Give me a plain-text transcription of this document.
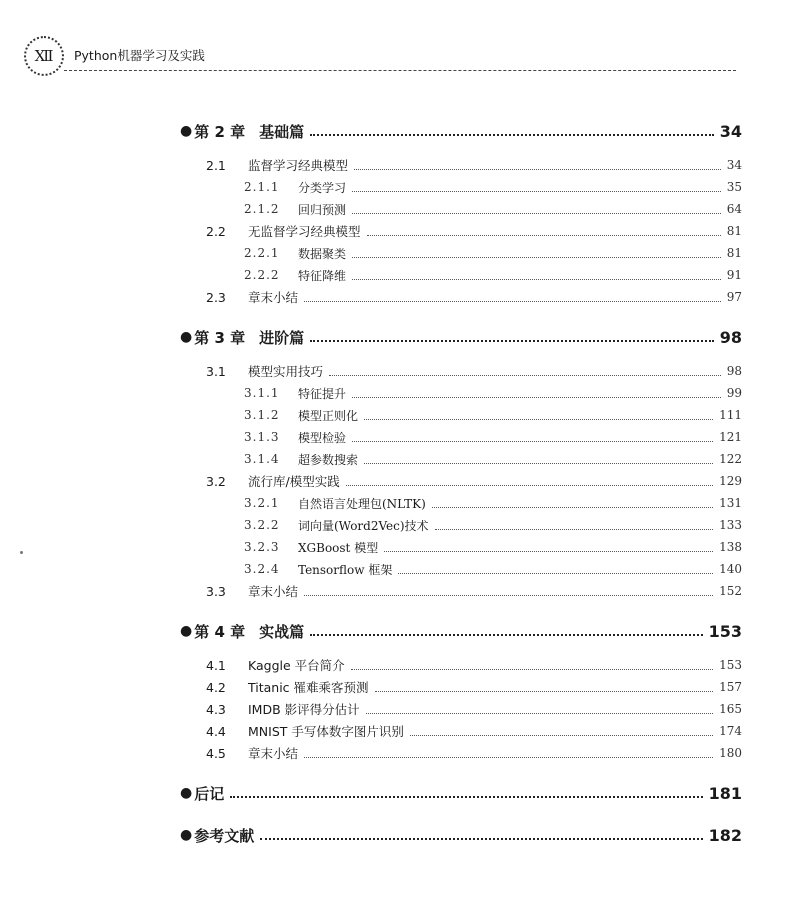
Ⅻ Python机器学习及实践
● 第 2 章 基础篇	34
2.1	监督学习经典模型	34
2.1.1	分类学习	35
2.1.2	回归预测	64
2.2	无监督学习经典模型	81
2.2.1	数据聚类	81
2.2.2	特征降维	91
2.3	章末小结	97
● 第 3 章 进阶篇	98
3.1	模型实用技巧	98
3.1.1	特征提升	99
3.1.2	模型正则化	111
3.1.3	模型检验	121
3.1.4	超参数搜索	122
3.2	流行库/模型实践	129
3.2.1	自然语言处理包(NLTK)	131
3.2.2	词向量(Word2Vec)技术	133
3.2.3	XGBoost 模型	138
3.2.4	Tensorflow 框架	140
3.3	章末小结	152
● 第 4 章 实战篇	153
4.1	Kaggle 平台简介	153
4.2	Titanic 罹难乘客预测	157
4.3	IMDB 影评得分估计	165
4.4	MNIST 手写体数字图片识别	174
4.5	章末小结	180
● 后记	181
● 参考文献	182
